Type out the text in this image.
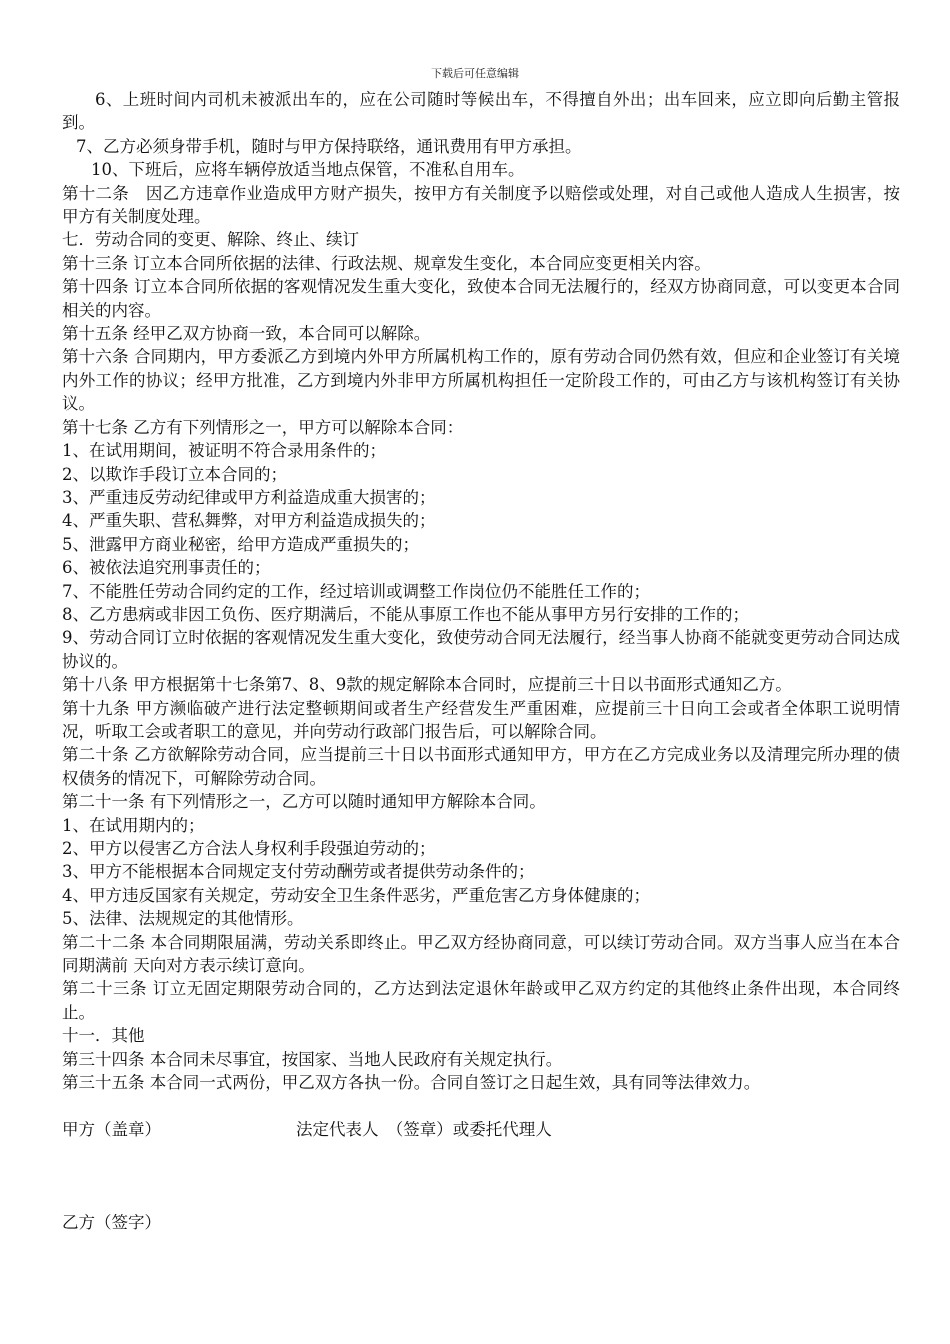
下载后可任意编辑

6、上班时间内司机未被派出车的，应在公司随时等候出车，不得擅自外出；出车回来，应立即向后勤主管报到。

7、乙方必须身带手机，随时与甲方保持联络，通讯费用有甲方承担。

10、下班后，应将车辆停放适当地点保管，不准私自用车。

第十二条　因乙方违章作业造成甲方财产损失，按甲方有关制度予以赔偿或处理，对自己或他人造成人生损害，按甲方有关制度处理。

七．劳动合同的变更、解除、终止、续订

第十三条 订立本合同所依据的法律、行政法规、规章发生变化，本合同应变更相关内容。

第十四条 订立本合同所依据的客观情况发生重大变化，致使本合同无法履行的，经双方协商同意，可以变更本合同相关的内容。

第十五条 经甲乙双方协商一致，本合同可以解除。

第十六条 合同期内，甲方委派乙方到境内外甲方所属机构工作的，原有劳动合同仍然有效，但应和企业签订有关境内外工作的协议；经甲方批准，乙方到境内外非甲方所属机构担任一定阶段工作的，可由乙方与该机构签订有关协议。

第十七条 乙方有下列情形之一，甲方可以解除本合同：

1、在试用期间，被证明不符合录用条件的；

2、以欺诈手段订立本合同的；

3、严重违反劳动纪律或甲方利益造成重大损害的；

4、严重失职、营私舞弊，对甲方利益造成损失的；

5、泄露甲方商业秘密，给甲方造成严重损失的；

6、被依法追究刑事责任的；

7、不能胜任劳动合同约定的工作，经过培训或调整工作岗位仍不能胜任工作的；

8、乙方患病或非因工负伤、医疗期满后，不能从事原工作也不能从事甲方另行安排的工作的；

9、劳动合同订立时依据的客观情况发生重大变化，致使劳动合同无法履行，经当事人协商不能就变更劳动合同达成协议的。

第十八条 甲方根据第十七条第7、8、9款的规定解除本合同时，应提前三十日以书面形式通知乙方。

第十九条 甲方濒临破产进行法定整顿期间或者生产经营发生严重困难，应提前三十日向工会或者全体职工说明情况，听取工会或者职工的意见，并向劳动行政部门报告后，可以解除合同。

第二十条 乙方欲解除劳动合同，应当提前三十日以书面形式通知甲方，甲方在乙方完成业务以及清理完所办理的债权债务的情况下，可解除劳动合同。

第二十一条 有下列情形之一，乙方可以随时通知甲方解除本合同。

1、在试用期内的；

2、甲方以侵害乙方合法人身权利手段强迫劳动的；

3、甲方不能根据本合同规定支付劳动酬劳或者提供劳动条件的；

4、甲方违反国家有关规定，劳动安全卫生条件恶劣，严重危害乙方身体健康的；

5、法律、法规规定的其他情形。

第二十二条 本合同期限届满，劳动关系即终止。甲乙双方经协商同意，可以续订劳动合同。双方当事人应当在本合同期满前 天向对方表示续订意向。

第二十三条 订立无固定期限劳动合同的，乙方达到法定退休年龄或甲乙双方约定的其他终止条件出现，本合同终止。

十一．其他

第三十四条 本合同未尽事宜，按国家、当地人民政府有关规定执行。

第三十五条 本合同一式两份，甲乙双方各执一份。合同自签订之日起生效，具有同等法律效力。

甲方（盖章）	法定代表人　（签章）或委托代理人

乙方（签字）
